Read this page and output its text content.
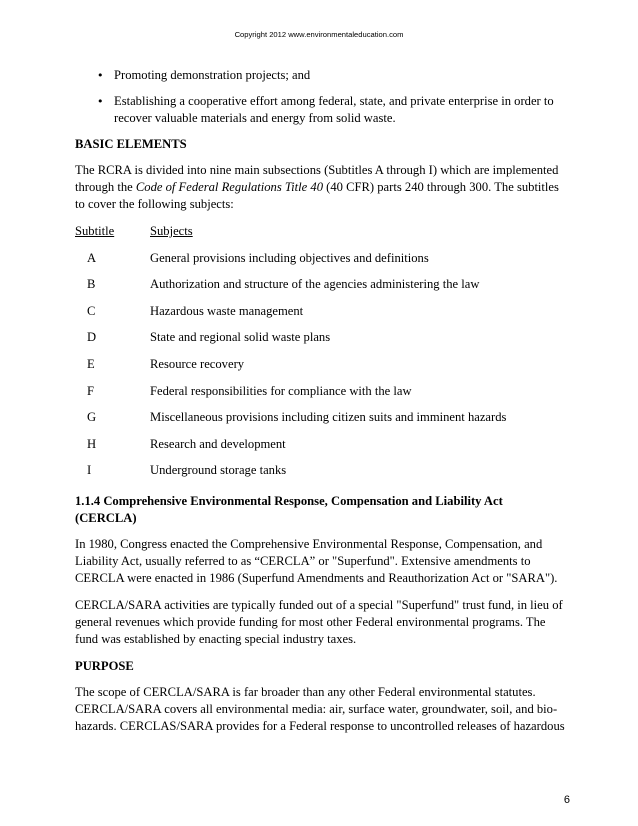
Copyright 2012 www.environmentaleducation.com
• Promoting demonstration projects; and
• Establishing a cooperative effort among federal, state, and private enterprise in order to recover valuable materials and energy from solid waste.
BASIC ELEMENTS

The RCRA is divided into nine main subsections (Subtitles A through I) which are implemented through the Code of Federal Regulations Title 40 (40 CFR) parts 240 through 300. The subtitles to cover the following subjects:

Subtitle	Subjects
A	General provisions including objectives and definitions
B	Authorization and structure of the agencies administering the law
C	Hazardous waste management
D	State and regional solid waste plans
E	Resource recovery
F	Federal responsibilities for compliance with the law
G	Miscellaneous provisions including citizen suits and imminent hazards
H	Research and development
I	Underground storage tanks
1.1.4 Comprehensive Environmental Response, Compensation and Liability Act (CERCLA)

In 1980, Congress enacted the Comprehensive Environmental Response, Compensation, and Liability Act, usually referred to as “CERCLA” or "Superfund". Extensive amendments to CERCLA were enacted in 1986 (Superfund Amendments and Reauthorization Act or "SARA").

CERCLA/SARA activities are typically funded out of a special "Superfund" trust fund, in lieu of general revenues which provide funding for most other Federal environmental programs. The fund was established by enacting special industry taxes.

PURPOSE

The scope of CERCLA/SARA is far broader than any other Federal environmental statutes. CERCLA/SARA covers all environmental media: air, surface water, groundwater, soil, and bio-hazards. CERCLAS/SARA provides for a Federal response to uncontrolled releases of hazardous

6
